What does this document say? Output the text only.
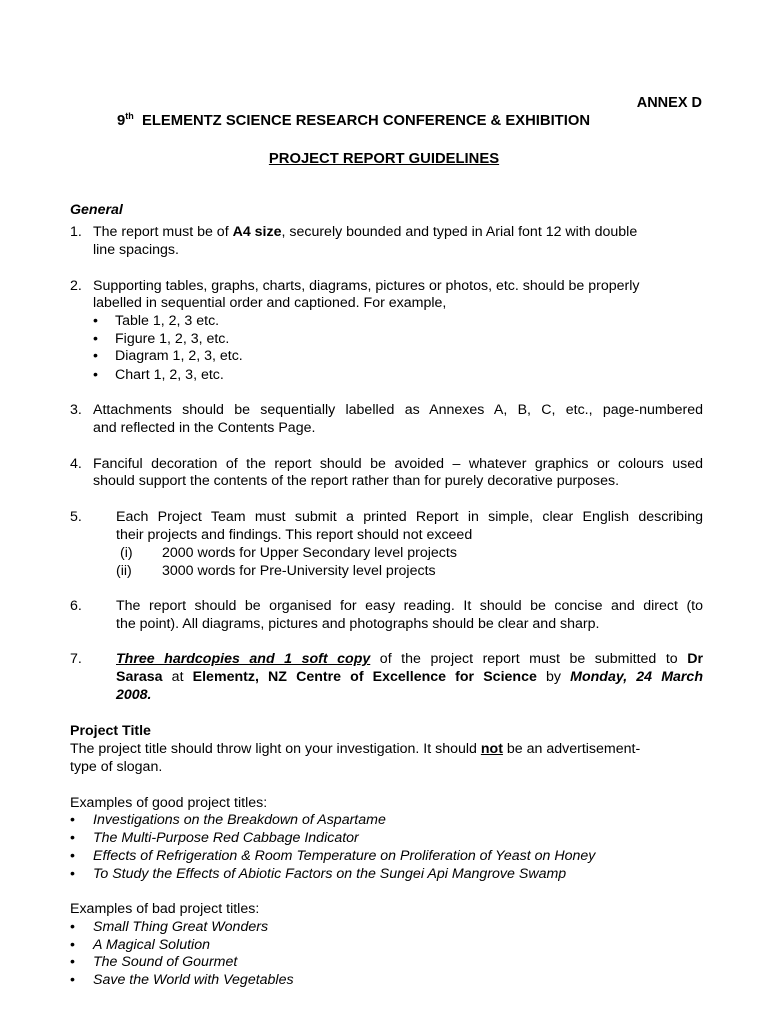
ANNEX D
9th ELEMENTZ SCIENCE RESEARCH CONFERENCE & EXHIBITION
PROJECT REPORT GUIDELINES
General
1. The report must be of A4 size, securely bounded and typed in Arial font 12 with double
line spacings.
2. Supporting tables, graphs, charts, diagrams, pictures or photos, etc. should be properly
labelled in sequential order and captioned. For example,
• Table 1, 2, 3 etc.
• Figure 1, 2, 3, etc.
• Diagram 1, 2, 3, etc.
• Chart 1, 2, 3, etc.
3. Attachments should be sequentially labelled as Annexes A, B, C, etc., page-numbered
and reflected in the Contents Page.
4. Fanciful decoration of the report should be avoided – whatever graphics or colours used
should support the contents of the report rather than for purely decorative purposes.
5. Each Project Team must submit a printed Report in simple, clear English describing
their projects and findings. This report should not exceed
(i) 2000 words for Upper Secondary level projects
(ii) 3000 words for Pre-University level projects
6. The report should be organised for easy reading. It should be concise and direct (to
the point). All diagrams, pictures and photographs should be clear and sharp.
7. Three hardcopies and 1 soft copy of the project report must be submitted to Dr
Sarasa at Elementz, NZ Centre of Excellence for Science by Monday, 24 March
2008.
Project Title
The project title should throw light on your investigation. It should not be an advertisement-
type of slogan.
Examples of good project titles:
• Investigations on the Breakdown of Aspartame
• The Multi-Purpose Red Cabbage Indicator
• Effects of Refrigeration & Room Temperature on Proliferation of Yeast on Honey
• To Study the Effects of Abiotic Factors on the Sungei Api Mangrove Swamp
Examples of bad project titles:
• Small Thing Great Wonders
• A Magical Solution
• The Sound of Gourmet
• Save the World with Vegetables
